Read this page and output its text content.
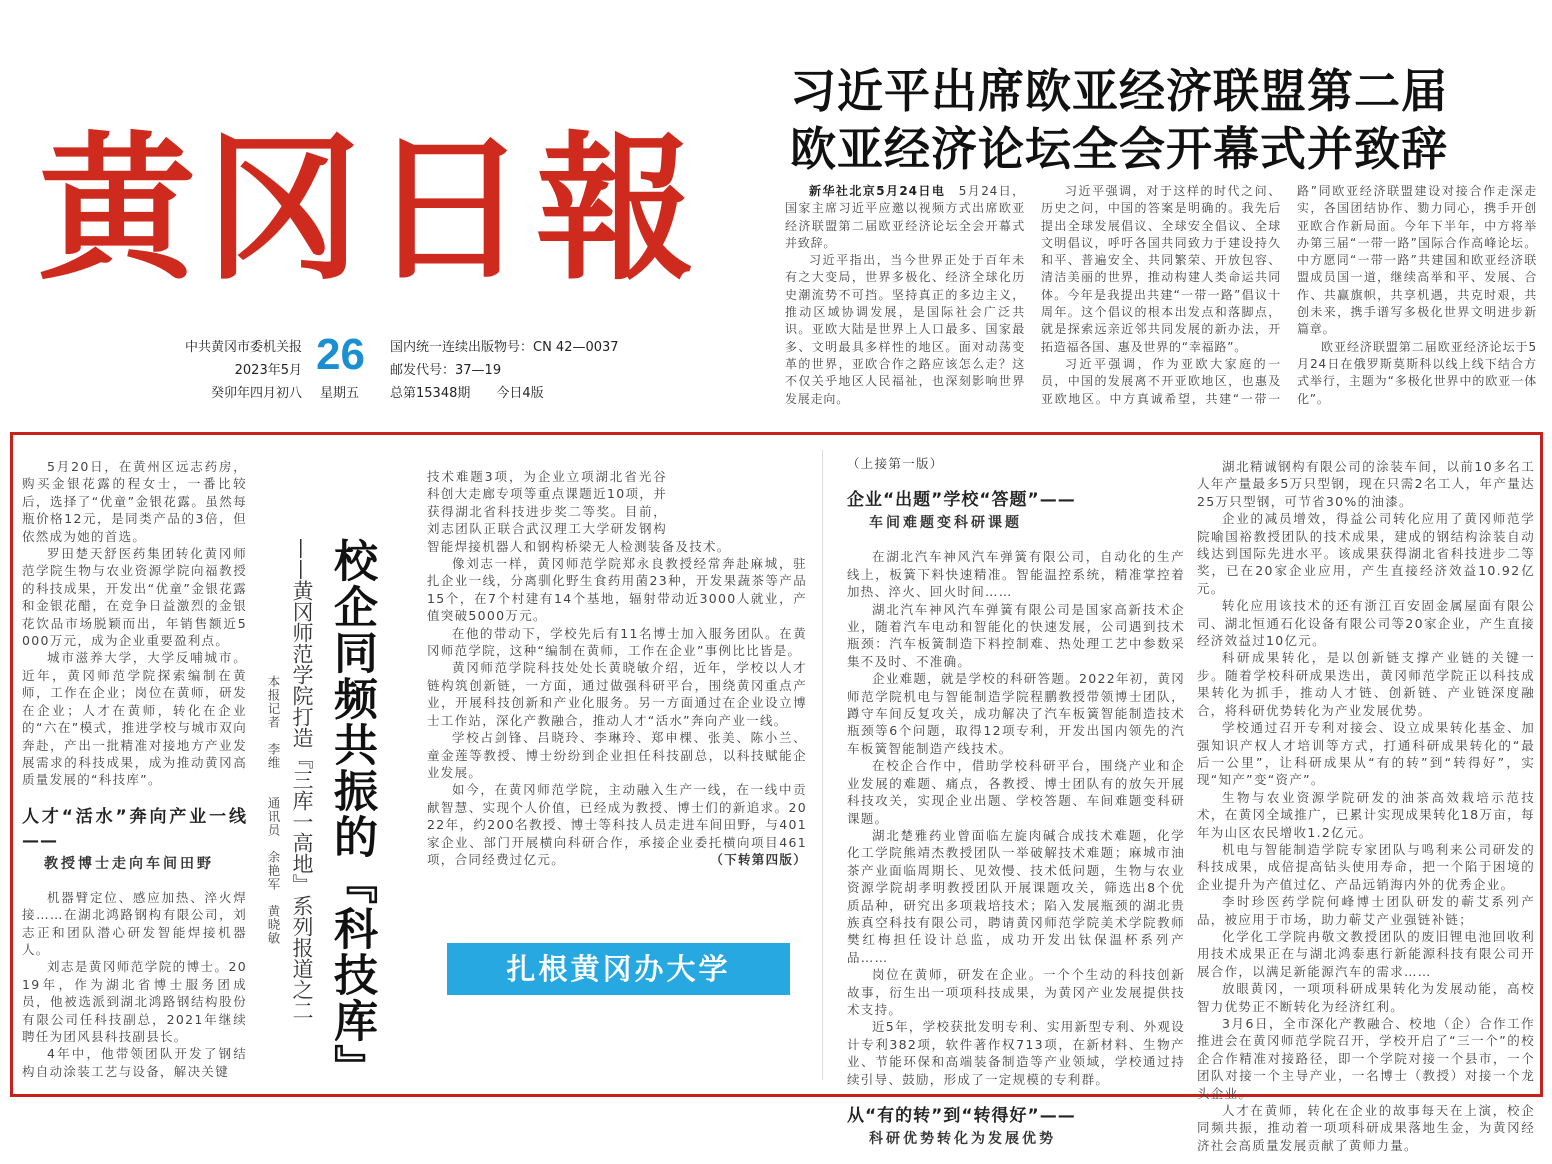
黄冈日報
中共黄冈市委机关报
2023年5月
癸卯年四月初八
26
星期五
国内统一连续出版物号：CN 42—0037
邮发代号：37—19
总第15348期　　今日4版
习近平出席欧亚经济联盟第二届
欧亚经济论坛全会开幕式并致辞

新华社北京5月24日电　 5月24日，国家主席习近平应邀以视频方式出席欧亚经济联盟第二届欧亚经济论坛全会开幕式并致辞。

习近平指出，当今世界正处于百年未有之大变局，世界多极化、经济全球化历史潮流势不可挡。坚持真正的多边主义，推动区域协调发展，是国际社会广泛共识。亚欧大陆是世界上人口最多、国家最多、文明最具多样性的地区。面对动荡变革的世界，亚欧合作之路应该怎么走？这不仅关乎地区人民福祉，也深刻影响世界发展走向。

习近平强调，对于这样的时代之问、历史之问，中国的答案是明确的。我先后提出全球发展倡议、全球安全倡议、全球文明倡议，呼吁各国共同致力于建设持久和平、普遍安全、共同繁荣、开放包容、清洁美丽的世界，推动构建人类命运共同体。今年是我提出共建“一带一路”倡议十周年。这个倡议的根本出发点和落脚点，就是探索远亲近邻共同发展的新办法，开拓造福各国、惠及世界的“幸福路”。

习近平强调，作为亚欧大家庭的一员，中国的发展离不开亚欧地区，也惠及亚欧地区。中方真诚希望，共建“一带一路”同欧亚经济联盟建设对接合作走深走实，各国团结协作、勠力同心，携手开创亚欧合作新局面。今年下半年，中方将举办第三届“一带一路”国际合作高峰论坛。中方愿同“一带一路”共建国和欧亚经济联盟成员国一道，继续高举和平、发展、合作、共赢旗帜，共享机遇，共克时艰，共创未来，携手谱写多极化世界文明进步新篇章。

欧亚经济联盟第二届欧亚经济论坛于5月24日在俄罗斯莫斯科以线上线下结合方式举行，主题为“多极化世界中的欧亚一体化”。

5月20日，在黄州区远志药房，购买金银花露的程女士，一番比较后，选择了“优童”金银花露。虽然每瓶价格12元，是同类产品的3倍，但依然成为她的首选。

罗田楚天舒医药集团转化黄冈师范学院生物与农业资源学院向福教授的科技成果，开发出“优童”金银花露和金银花醋，在竞争日益激烈的金银花饮品市场脱颖而出，年销售额近5000万元，成为企业重要盈利点。

城市滋养大学，大学反哺城市。近年，黄冈师范学院探索编制在黄师，工作在企业；岗位在黄师，研发在企业；人才在黄师，转化在企业的“六在”模式，推进学校与城市双向奔赴，产出一批精准对接地方产业发展需求的科技成果，成为推动黄冈高质量发展的“科技库”。

人才“活水”奔向产业一线——
教授博士走向车间田野

机器臂定位、感应加热、淬火焊接……在湖北鸿路钢构有限公司，刘志正和团队潜心研发智能焊接机器人。

刘志是黄冈师范学院的博士。2019年，作为湖北省博士服务团成员，他被选派到湖北鸿路钢结构股份有限公司任科技副总，2021年继续聘任为团风县科技副县长。

4年中，他带领团队开发了钢结构自动涂装工艺与设备，解决关键	校企同频共振的『科技库』
——黄冈师范学院打造『三库一高地』系列报道之二
本报记者　李维　　通讯员　余艳军　黄晓敏

技术难题3项，为企业立项湖北省光谷科创大走廊专项等重点课题近10项，并获得湖北省科技进步奖二等奖。目前，刘志团队正联合武汉理工大学研发钢构智能焊接机器人和钢构桥梁无人检测装备及技术。

像刘志一样，黄冈师范学院郑永良教授经常奔赴麻城，驻扎企业一线，分离驯化野生食药用菌23种，开发果蔬茶等产品15个，在7个村建有14个基地，辐射带动近3000人就业，产值突破5000万元。

在他的带动下，学校先后有11名博士加入服务团队。在黄冈师范学院，这种“编制在黄师，工作在企业”事例比比皆是。

黄冈师范学院科技处处长黄晓敏介绍，近年，学校以人才链构筑创新链，一方面，通过做强科研平台，围绕黄冈重点产业，开展科技创新和产业化服务。另一方面通过在企业设立博士工作站，深化产教融合，推动人才“活水”奔向产业一线。

学校占剑锋、吕晓玲、李琳玲、郑申棵、张美、陈小兰、童金莲等教授、博士纷纷到企业担任科技副总，以科技赋能企业发展。

如今，在黄冈师范学院，主动融入生产一线，在一线中贡献智慧、实现个人价值，已经成为教授、博士们的新追求。2022年，约200名教授、博士等科技人员走进车间田野，与401家企业、部门开展横向科研合作，承接企业委托横向项目461项，合同经费过亿元。	（下转第四版）

扎根黄冈办大学
（上接第一版）
企业“出题”学校“答题”——
车间难题变科研课题

在湖北汽车神风汽车弹簧有限公司，自动化的生产线上，板簧下料快速精准。智能温控系统，精准掌控着加热、淬火、回火时间……

湖北汽车神风汽车弹簧有限公司是国家高新技术企业，随着汽车电动和智能化的快速发展，公司遇到技术瓶颈：汽车板簧制造下料控制难、热处理工艺中参数采集不及时、不准确。

企业难题，就是学校的科研答题。2022年初，黄冈师范学院机电与智能制造学院程鹏教授带领博士团队，蹲守车间反复攻关，成功解决了汽车板簧智能制造技术瓶颈等6个问题，取得12项专利，开发出国内领先的汽车板簧智能制造产线技术。

在校企合作中，借助学校科研平台，围绕产业和企业发展的难题、痛点，各教授、博士团队有的放矢开展科技攻关，实现企业出题、学校答题、车间难题变科研课题。

湖北楚雅药业曾面临左旋肉碱合成技术难题，化学化工学院熊靖杰教授团队一举破解技术难题；麻城市油茶产业面临周期长、见效慢、技术低问题，生物与农业资源学院胡孝明教授团队开展课题攻关，筛选出8个优质品种，研究出多项栽培技术；陷入发展瓶颈的湖北贵族真空科技有限公司，聘请黄冈师范学院美术学院教师樊红梅担任设计总监，成功开发出钛保温杯系列产品……

岗位在黄师，研发在企业。一个个生动的科技创新故事，衍生出一项项科技成果，为黄冈产业发展提供技术支持。

近5年，学校获批发明专利、实用新型专利、外观设计专利382项，软件著作权713项，在新材料、生物产业、节能环保和高端装备制造等产业领域，学校通过持续引导、鼓励，形成了一定规模的专利群。

从“有的转”到“转得好”——
科研优势转化为发展优势

湖北精诚钢构有限公司的涂装车间，以前10多名工人年产量最多5万只型钢，现在只需2名工人，年产量达25万只型钢，可节省30%的油漆。

企业的减员增效，得益公司转化应用了黄冈师范学院喻国裕教授团队的技术成果，建成的钢结构涂装自动线达到国际先进水平。该成果获得湖北省科技进步二等奖，已在20家企业应用，产生直接经济效益10.92亿元。

转化应用该技术的还有浙江百安固金属屋面有限公司、湖北恒通石化设备有限公司等20家企业，产生直接经济效益过10亿元。

科研成果转化，是以创新链支撑产业链的关键一步。随着学校科研成果迭出，黄冈师范学院正以科技成果转化为抓手，推动人才链、创新链、产业链深度融合，将科研优势转化为产业发展优势。

学校通过召开专利对接会、设立成果转化基金、加强知识产权人才培训等方式，打通科研成果转化的“最后一公里”，让科研成果从“有的转”到“转得好”，实现“知产”变“资产”。

生物与农业资源学院研发的油茶高效栽培示范技术，在黄冈全域推广，已累计实现成果转化18万亩，每年为山区农民增收1.2亿元。

机电与智能制造学院专家团队与鸣利来公司研发的科技成果，成倍提高钻头使用寿命，把一个陷于困境的企业提升为产值过亿、产品远销海内外的优秀企业。

李时珍医药学院何峰博士团队研发的蕲艾系列产品，被应用于市场，助力蕲艾产业强链补链；

化学化工学院冉敬文教授团队的废旧锂电池回收利用技术成果正在与湖北鸿泰惠行新能源科技有限公司开展合作，以满足新能源汽车的需求……

放眼黄冈，一项项科研成果转化为发展动能，高校智力优势正不断转化为经济红利。

3月6日，全市深化产教融合、校地（企）合作工作推进会在黄冈师范学院召开，学校开启了“三一个”的校企合作精准对接路径，即一个学院对接一个县市，一个团队对接一个主导产业，一名博士（教授）对接一个龙头企业。

人才在黄师，转化在企业的故事每天在上演，校企同频共振，推动着一项项科研成果落地生金，为黄冈经济社会高质量发展贡献了黄师力量。
